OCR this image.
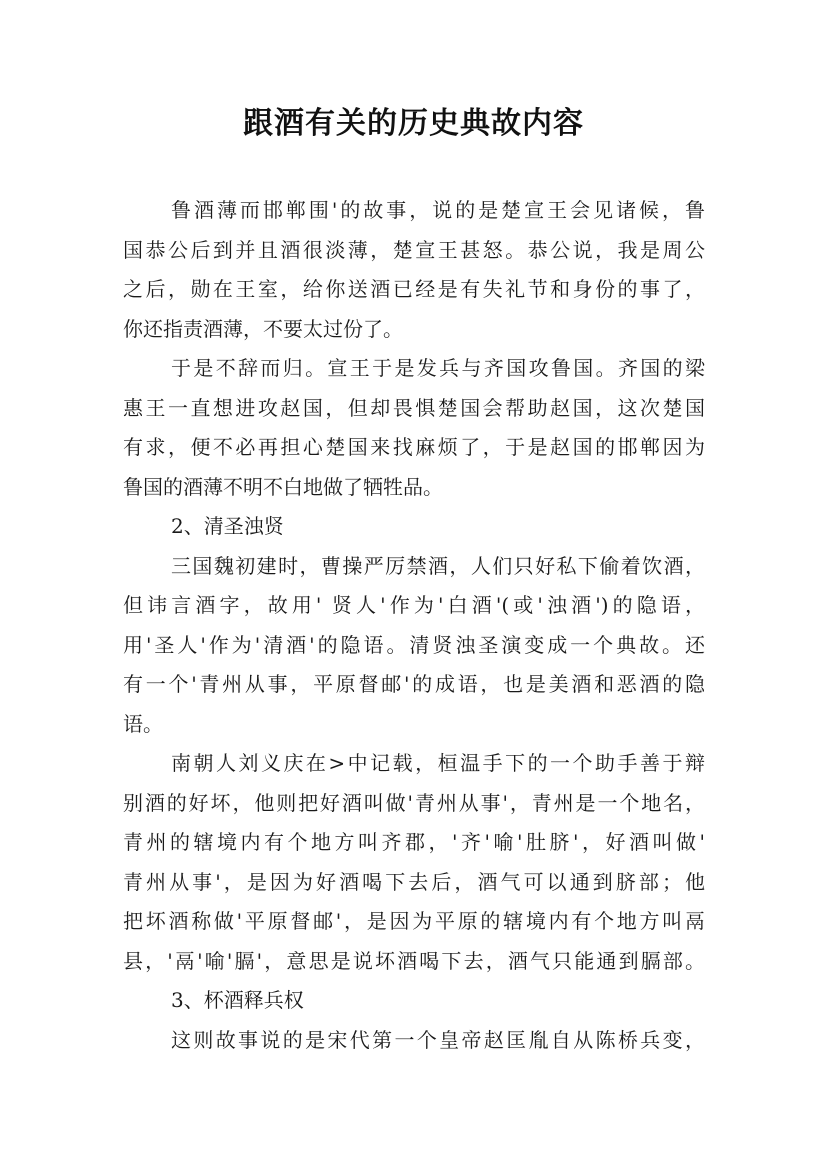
跟酒有关的历史典故内容
鲁酒薄而邯郸围'的故事，说的是楚宣王会见诸候，鲁
国恭公后到并且酒很淡薄，楚宣王甚怒。恭公说，我是周公
之后，勋在王室，给你送酒已经是有失礼节和身份的事了，
你还指责酒薄，不要太过份了。
于是不辞而归。宣王于是发兵与齐国攻鲁国。齐国的梁
惠王一直想进攻赵国，但却畏惧楚国会帮助赵国，这次楚国
有求，便不必再担心楚国来找麻烦了，于是赵国的邯郸因为
鲁国的酒薄不明不白地做了牺牲品。
2、清圣浊贤
三国魏初建时，曹操严厉禁酒，人们只好私下偷着饮酒，
但讳言酒字，故用' 贤人'作为'白酒'(或'浊酒')的隐语，
用'圣人'作为'清酒'的隐语。清贤浊圣演变成一个典故。还
有一个'青州从事，平原督邮'的成语，也是美酒和恶酒的隐
语。
南朝人刘义庆在>中记载，桓温手下的一个助手善于辩
别酒的好坏，他则把好酒叫做'青州从事'，青州是一个地名，
青州的辖境内有个地方叫齐郡，'齐'喻'肚脐'，好酒叫做'
青州从事'，是因为好酒喝下去后，酒气可以通到脐部；他
把坏酒称做'平原督邮'，是因为平原的辖境内有个地方叫鬲
县，'鬲'喻'膈'，意思是说坏酒喝下去，酒气只能通到膈部。
3、杯酒释兵权
这则故事说的是宋代第一个皇帝赵匡胤自从陈桥兵变，
